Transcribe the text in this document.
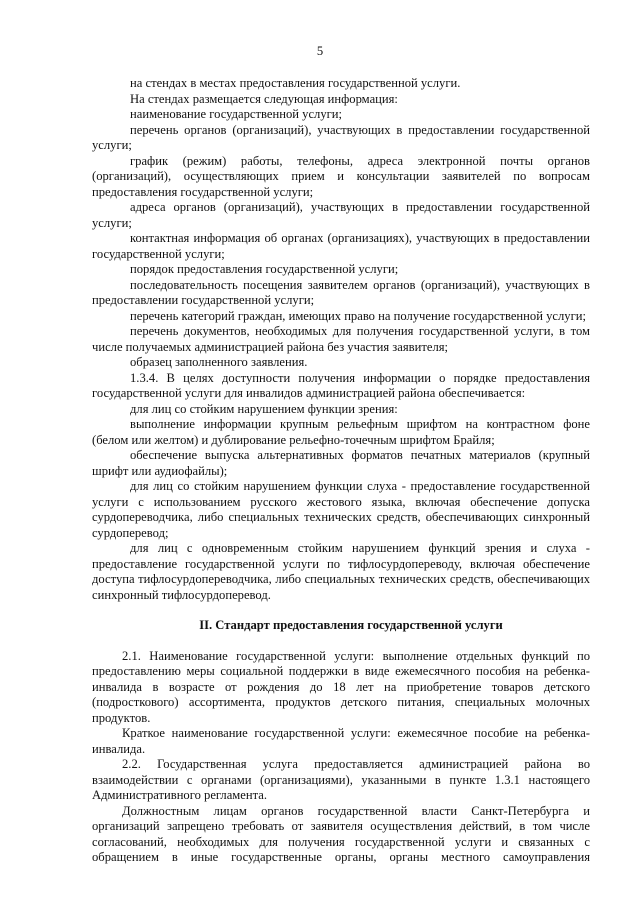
5

на стендах в местах предоставления государственной услуги.

На стендах размещается следующая информация:

наименование государственной услуги;

перечень органов (организаций), участвующих в предоставлении государственной услуги;

график (режим) работы, телефоны, адреса электронной почты органов (организаций), осуществляющих прием и консультации заявителей по вопросам предоставления государственной услуги;

адреса органов (организаций), участвующих в предоставлении государственной услуги;

контактная информация об органах (организациях), участвующих в предоставлении государственной услуги;

порядок предоставления государственной услуги;

последовательность посещения заявителем органов (организаций), участвующих в предоставлении государственной услуги;

перечень категорий граждан, имеющих право на получение государственной услуги;

перечень документов, необходимых для получения государственной услуги, в том числе получаемых администрацией района без участия заявителя;

образец заполненного заявления.

1.3.4. В целях доступности получения информации о порядке предоставления государственной услуги для инвалидов администрацией района обеспечивается:

для лиц со стойким нарушением функции зрения:

выполнение информации крупным рельефным шрифтом на контрастном фоне (белом или желтом) и дублирование рельефно-точечным шрифтом Брайля;

обеспечение выпуска альтернативных форматов печатных материалов (крупный шрифт или аудиофайлы);

для лиц со стойким нарушением функции слуха - предоставление государственной услуги с использованием русского жестового языка, включая обеспечение допуска сурдопереводчика, либо специальных технических средств, обеспечивающих синхронный сурдоперевод;

для лиц с одновременным стойким нарушением функций зрения и слуха - предоставление государственной услуги по тифлосурдопереводу, включая обеспечение доступа тифлосурдопереводчика, либо специальных технических средств, обеспечивающих синхронный тифлосурдоперевод.

II. Стандарт предоставления государственной услуги

2.1. Наименование государственной услуги: выполнение отдельных функций по предоставлению меры социальной поддержки в виде ежемесячного пособия на ребенка-инвалида в возрасте от рождения до 18 лет на приобретение товаров детского (подросткового) ассортимента, продуктов детского питания, специальных молочных продуктов.

Краткое наименование государственной услуги: ежемесячное пособие на ребенка-инвалида.

2.2. Государственная услуга предоставляется администрацией района во взаимодействии с органами (организациями), указанными в пункте 1.3.1 настоящего Административного регламента.

Должностным лицам органов государственной власти Санкт-Петербурга и организаций запрещено требовать от заявителя осуществления действий, в том числе согласований, необходимых для получения государственной услуги и связанных с обращением в иные государственные органы, органы местного самоуправления
